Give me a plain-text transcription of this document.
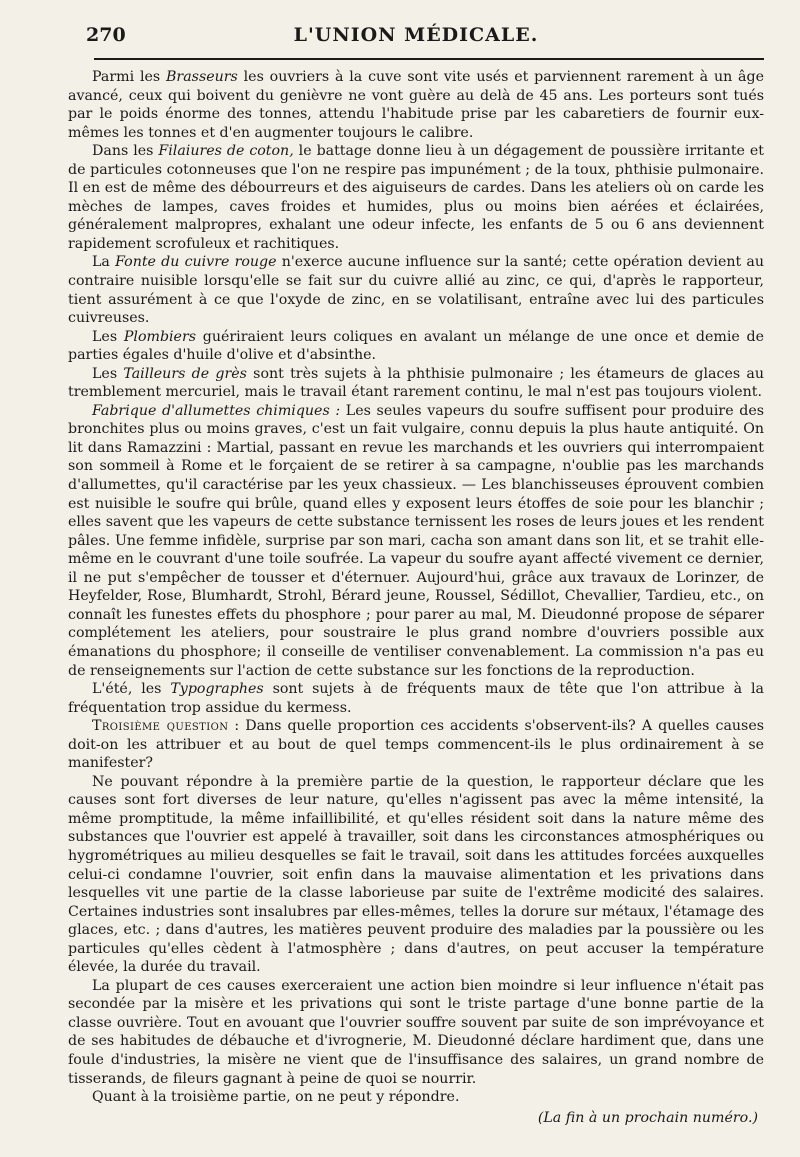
270	L'UNION MÉDICALE.

Parmi les Brasseurs les ouvriers à la cuve sont vite usés et parviennent rarement à un âge avancé, ceux qui boivent du genièvre ne vont guère au delà de 45 ans. Les porteurs sont tués par le poids énorme des tonnes, attendu l'habitude prise par les cabaretiers de fournir eux-mêmes les tonnes et d'en augmenter toujours le calibre.

Dans les Filaiures de coton, le battage donne lieu à un dégagement de poussière irritante et de particules cotonneuses que l'on ne respire pas impunément ; de la toux, phthisie pulmonaire. Il en est de même des débourreurs et des aiguiseurs de cardes. Dans les ateliers où on carde les mèches de lampes, caves froides et humides, plus ou moins bien aérées et éclairées, généralement malpropres, exhalant une odeur infecte, les enfants de 5 ou 6 ans deviennent rapidement scrofuleux et rachitiques.

La Fonte du cuivre rouge n'exerce aucune influence sur la santé; cette opération devient au contraire nuisible lorsqu'elle se fait sur du cuivre allié au zinc, ce qui, d'après le rapporteur, tient assurément à ce que l'oxyde de zinc, en se volatilisant, entraîne avec lui des particules cuivreuses.

Les Plombiers guériraient leurs coliques en avalant un mélange de une once et demie de parties égales d'huile d'olive et d'absinthe.

Les Tailleurs de grès sont très sujets à la phthisie pulmonaire ; les étameurs de glaces au tremblement mercuriel, mais le travail étant rarement continu, le mal n'est pas toujours violent.

Fabrique d'allumettes chimiques : Les seules vapeurs du soufre suffisent pour produire des bronchites plus ou moins graves, c'est un fait vulgaire, connu depuis la plus haute antiquité. On lit dans Ramazzini : Martial, passant en revue les marchands et les ouvriers qui interrompaient son sommeil à Rome et le forçaient de se retirer à sa campagne, n'oublie pas les marchands d'allumettes, qu'il caractérise par les yeux chassieux. — Les blanchisseuses éprouvent combien est nuisible le soufre qui brûle, quand elles y exposent leurs étoffes de soie pour les blanchir ; elles savent que les vapeurs de cette substance ternissent les roses de leurs joues et les rendent pâles. Une femme infidèle, surprise par son mari, cacha son amant dans son lit, et se trahit elle-même en le couvrant d'une toile soufrée. La vapeur du soufre ayant affecté vivement ce dernier, il ne put s'empêcher de tousser et d'éternuer. Aujourd'hui, grâce aux travaux de Lorinzer, de Heyfelder, Rose, Blumhardt, Strohl, Bérard jeune, Roussel, Sédillot, Chevallier, Tardieu, etc., on connaît les funestes effets du phosphore ; pour parer au mal, M. Dieudonné propose de séparer complétement les ateliers, pour soustraire le plus grand nombre d'ouvriers possible aux émanations du phosphore; il conseille de ventiliser convenablement. La commission n'a pas eu de renseignements sur l'action de cette substance sur les fonctions de la reproduction.

L'été, les Typographes sont sujets à de fréquents maux de tête que l'on attribue à la fréquentation trop assidue du kermess.

Troisième question : Dans quelle proportion ces accidents s'observent-ils? A quelles causes doit-on les attribuer et au bout de quel temps commencent-ils le plus ordinairement à se manifester?

Ne pouvant répondre à la première partie de la question, le rapporteur déclare que les causes sont fort diverses de leur nature, qu'elles n'agissent pas avec la même intensité, la même promptitude, la même infaillibilité, et qu'elles résident soit dans la nature même des substances que l'ouvrier est appelé à travailler, soit dans les circonstances atmosphériques ou hygrométriques au milieu desquelles se fait le travail, soit dans les attitudes forcées auxquelles celui-ci condamne l'ouvrier, soit enfin dans la mauvaise alimentation et les privations dans lesquelles vit une partie de la classe laborieuse par suite de l'extrême modicité des salaires. Certaines industries sont insalubres par elles-mêmes, telles la dorure sur métaux, l'étamage des glaces, etc. ; dans d'autres, les matières peuvent produire des maladies par la poussière ou les particules qu'elles cèdent à l'atmosphère ; dans d'autres, on peut accuser la température élevée, la durée du travail.

La plupart de ces causes exerceraient une action bien moindre si leur influence n'était pas secondée par la misère et les privations qui sont le triste partage d'une bonne partie de la classe ouvrière. Tout en avouant que l'ouvrier souffre souvent par suite de son imprévoyance et de ses habitudes de débauche et d'ivrognerie, M. Dieudonné déclare hardiment que, dans une foule d'industries, la misère ne vient que de l'insuffisance des salaires, un grand nombre de tisserands, de fileurs gagnant à peine de quoi se nourrir.

Quant à la troisième partie, on ne peut y répondre.

(La fin à un prochain numéro.)
